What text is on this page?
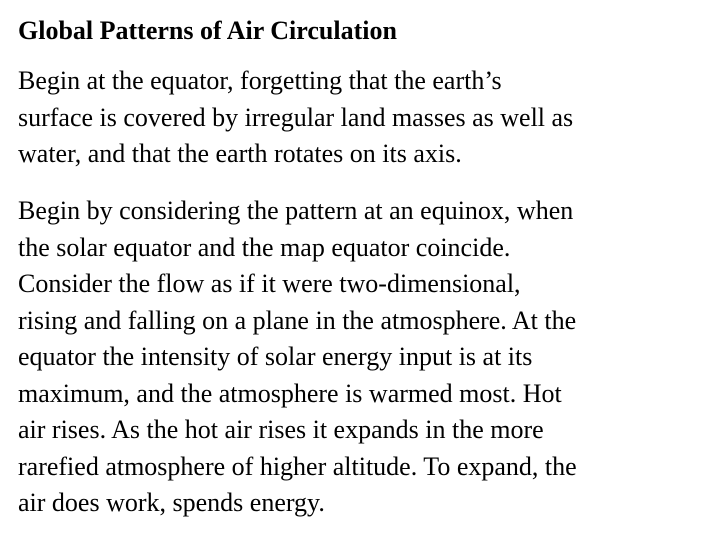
Global Patterns of Air Circulation

Begin at the equator, forgetting that the earth’s
surface is covered by irregular land masses as well as
water, and that the earth rotates on its axis.

Begin by considering the pattern at an equinox, when
the solar equator and the map equator coincide.
Consider the flow as if it were two-dimensional,
rising and falling on a plane in the atmosphere. At the
equator the intensity of solar energy input is at its
maximum, and the atmosphere is warmed most. Hot
air rises. As the hot air rises it expands in the more
rarefied atmosphere of higher altitude. To expand, the
air does work, spends energy.
